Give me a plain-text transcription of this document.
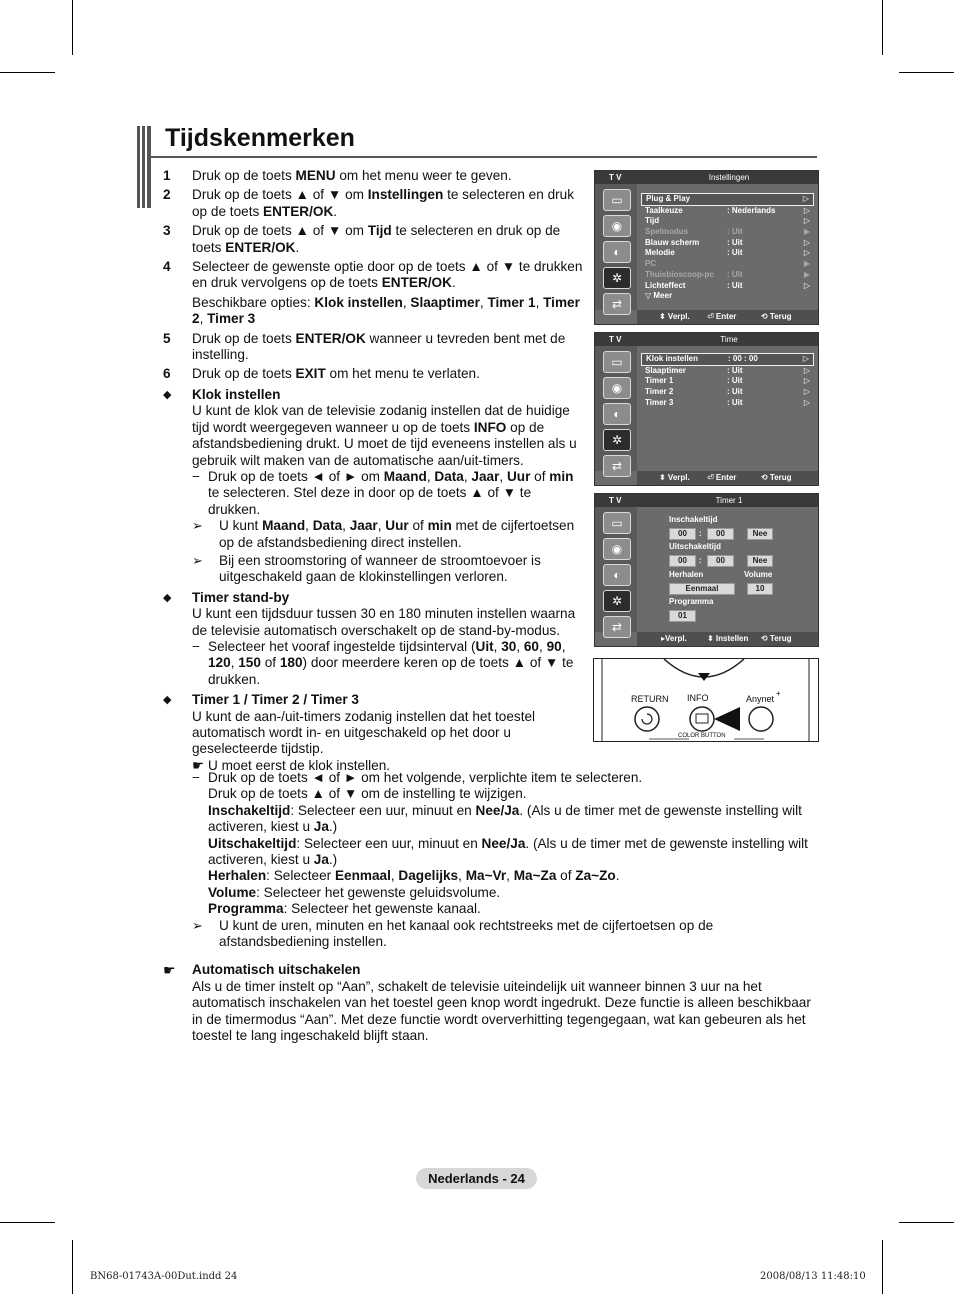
Tijdskenmerken
1	Druk op de toets MENU om het menu weer te geven.
2	Druk op de toets ▲ of ▼ om Instellingen te selecteren en druk op de toets ENTER/OK.
3	Druk op de toets ▲ of ▼ om Tijd te selecteren en druk op de toets ENTER/OK.
4	Selecteer de gewenste optie door op de toets ▲ of ▼ te drukken en druk vervolgens op de toets ENTER/OK.
Beschikbare opties: Klok instellen, Slaaptimer, Timer 1, Timer 2, Timer 3
5	Druk op de toets ENTER/OK wanneer u tevreden bent met de instelling.
6	Druk op de toets EXIT om het menu te verlaten.
◆	Klok instellen
U kunt de klok van de televisie zodanig instellen dat de huidige tijd wordt weergegeven wanneer u op de toets INFO op de afstandsbediening drukt. U moet de tijd eveneens instellen als u gebruik wilt maken van de automatische aan/uit-timers.
− Druk op de toets ◄ of ► om Maand, Data, Jaar, Uur of min te selecteren. Stel deze in door op de toets ▲ of ▼ te drukken.
➢	U kunt Maand, Data, Jaar, Uur of min met de cijfertoetsen op de afstandsbediening direct instellen.
➢	Bij een stroomstoring of wanneer de stroomtoevoer is uitgeschakeld gaan de klokinstellingen verloren.
◆	Timer stand-by
U kunt een tijdsduur tussen 30 en 180 minuten instellen waarna de televisie automatisch overschakelt op de stand-by-modus.
− Selecteer het vooraf ingestelde tijdsinterval (Uit, 30, 60, 90, 120, 150 of 180) door meerdere keren op de toets ▲ of ▼ te drukken.
◆	Timer 1 / Timer 2 / Timer 3
U kunt de aan-/uit-timers zodanig instellen dat het toestel automatisch wordt in- en uitgeschakeld op het door u geselecteerde tijdstip.
☛ U moet eerst de klok instellen.
− Druk op de toets ◄ of ► om het volgende, verplichte item te selecteren.
Druk op de toets ▲ of ▼ om de instelling te wijzigen.
Inschakeltijd: Selecteer een uur, minuut en Nee/Ja. (Als u de timer met de gewenste instelling wilt activeren, kiest u Ja.)
Uitschakeltijd: Selecteer een uur, minuut en Nee/Ja. (Als u de timer met de gewenste instelling wilt activeren, kiest u Ja.)
Herhalen: Selecteer Eenmaal, Dagelijks, Ma~Vr, Ma~Za of Za~Zo.
Volume: Selecteer het gewenste geluidsvolume.
Programma: Selecteer het gewenste kanaal.
➢	U kunt de uren, minuten en het kanaal ook rechtstreeks met de cijfertoetsen op de afstandsbediening instellen.
☛	Automatisch uitschakelen
Als u de timer instelt op “Aan”, schakelt de televisie uiteindelijk uit wanneer binnen 3 uur na het automatisch inschakelen van het toestel geen knop wordt ingedrukt. Deze functie is alleen beschikbaar in de timermodus “Aan”. Met deze functie wordt oververhitting tegengegaan, wat kan gebeuren als het toestel te lang ingeschakeld blijft staan.
T V	Instellingen
▭
◉
◐
✲
⇄
Plug & Play	▷
Taalkeuze	: Nederlands	▷
Tijd	▷
Spelmodus	: Uit	▶
Blauw scherm	: Uit	▷
Melodie	: Uit	▷
PC	▶
Thuisbioscoop-pc : Uit	▶
Lichteffect	: Uit	▷
▽ Meer
⬍ Verpl. ⏎ Enter	⟲ Terug
T V	Time
▭
◉
◐
✲
⇄
Klok instellen	: 00 : 00	▷
Slaaptimer	: Uit	▷
Timer 1	: Uit	▷
Timer 2	: Uit	▷
Timer 3	: Uit	▷
⬍ Verpl. ⏎ Enter	⟲ Terug
T V	Timer 1
▭
◉
◐
✲
⇄
Inschakeltijd
00	:	00	Nee
Uitschakeltijd
00	:	00	Nee
Herhalen	Volume
Eenmaal	10
Programma
01
▸Verpl.	⬍ Instellen ⟲ Terug
RETURN INFO	Anynet
+
COLOR BUTTON
Nederlands - 24
BN68-01743A-00Dut.indd 24	2008/08/13 11:48:10
